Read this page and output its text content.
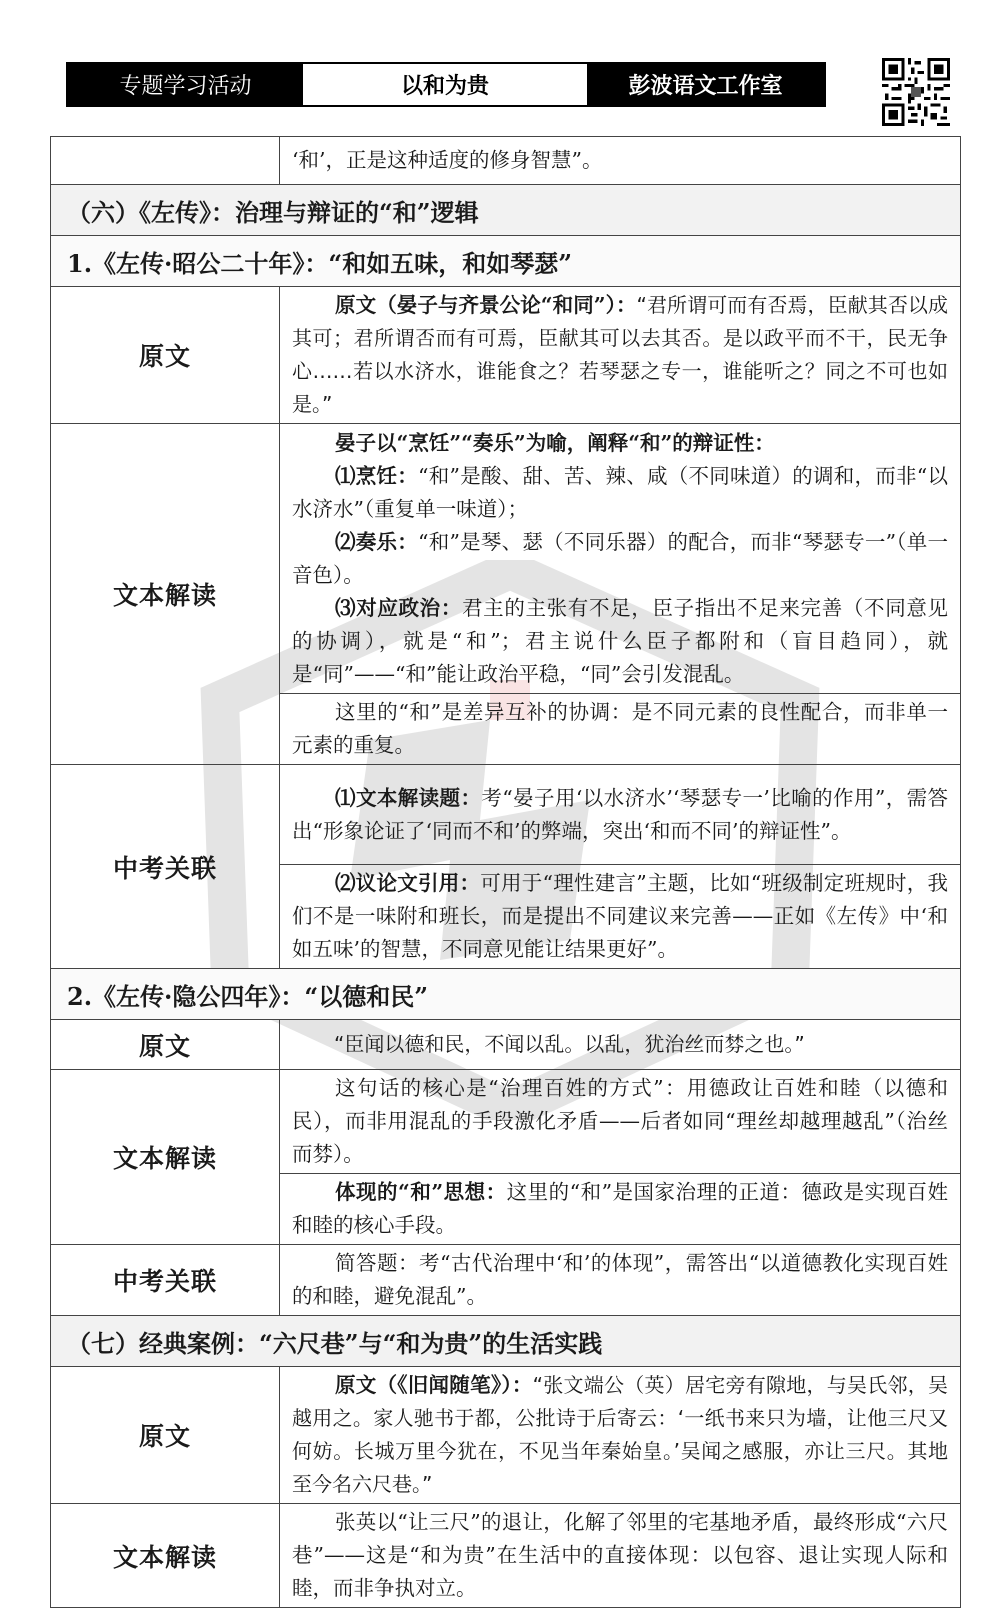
专题学习活动	以和为贵	彭波语文工作室
	‘和’，正是这种适度的修身智慧”。
（六）《左传》：治理与辩证的“和”逻辑	
1.《左传·昭公二十年》：“和如五味，和如琴瑟”	
原文	原文（晏子与齐景公论“和同”）：“君所谓可而有否焉，臣献其否以成其可；君所谓否而有可焉，臣献其可以去其否。是以政平而不干，民无争心……若以水济水，谁能食之？若琴瑟之专一，谁能听之？同之不可也如是。”

文本解读	晏子以“烹饪”“奏乐”为喻，阐释“和”的辩证性：
⑴烹饪：“和”是酸、甜、苦、辣、咸（不同味道）的调和，而非“以水济水”（重复单一味道）；
⑵奏乐：“和”是琴、瑟（不同乐器）的配合，而非“琴瑟专一”（单一音色）。
⑶对应政治：君主的主张有不足，臣子指出不足来完善（不同意见的协调），就是“和”；君主说什么臣子都附和（盲目趋同），就是“同”——“和”能让政治平稳，“同”会引发混乱。

	这里的“和”是差异互补的协调：是不同元素的良性配合，而非单一元素的重复。

中考关联	⑴文本解读题：考“晏子用‘以水济水’‘琴瑟专一’比喻的作用”，需答出“形象论证了‘同而不和’的弊端，突出‘和而不同’的辩证性”。

	⑵议论文引用：可用于“理性建言”主题，比如“班级制定班规时，我们不是一味附和班长，而是提出不同建议来完善——正如《左传》中‘和如五味’的智慧，不同意见能让结果更好”。

2.《左传·隐公四年》：“以德和民”	
原文	“臣闻以德和民，不闻以乱。以乱，犹治丝而棼之也。”

文本解读	这句话的核心是“治理百姓的方式”：用德政让百姓和睦（以德和民），而非用混乱的手段激化矛盾——后者如同“理丝却越理越乱”（治丝而棼）。

	体现的“和”思想：这里的“和”是国家治理的正道：德政是实现百姓和睦的核心手段。

中考关联	简答题：考“古代治理中‘和’的体现”，需答出“以道德教化实现百姓的和睦，避免混乱”。

（七）经典案例：“六尺巷”与“和为贵”的生活实践	
原文	原文（《旧闻随笔》）：“张文端公（英）居宅旁有隙地，与吴氏邻，吴越用之。家人驰书于都，公批诗于后寄云：‘一纸书来只为墙，让他三尺又何妨。长城万里今犹在，不见当年秦始皇。’吴闻之感服，亦让三尺。其地至今名六尺巷。”

文本解读	张英以“让三尺”的退让，化解了邻里的宅基地矛盾，最终形成“六尺巷”——这是“和为贵”在生活中的直接体现：以包容、退让实现人际和睦，而非争执对立。
